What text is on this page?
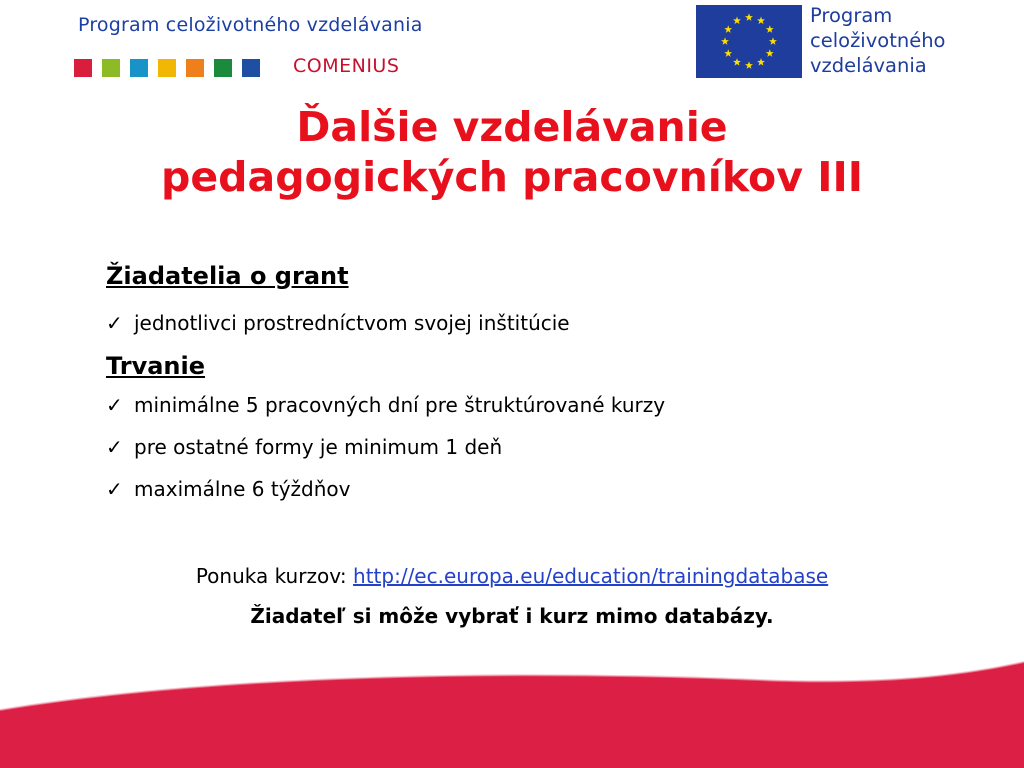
Program celoživotného vzdelávania
COMENIUS
Program
celoživotného
vzdelávania
Ďalšie vzdelávanie
pedagogických pracovníkov III
Žiadatelia o grant
✓ jednotlivci prostredníctvom svojej inštitúcie
Trvanie
✓ minimálne 5 pracovných dní pre štruktúrované kurzy
✓ pre ostatné formy je minimum 1 deň
✓ maximálne 6 týždňov
Ponuka kurzov: http://ec.europa.eu/education/trainingdatabase
Žiadateľ si môže vybrať i kurz mimo databázy.
